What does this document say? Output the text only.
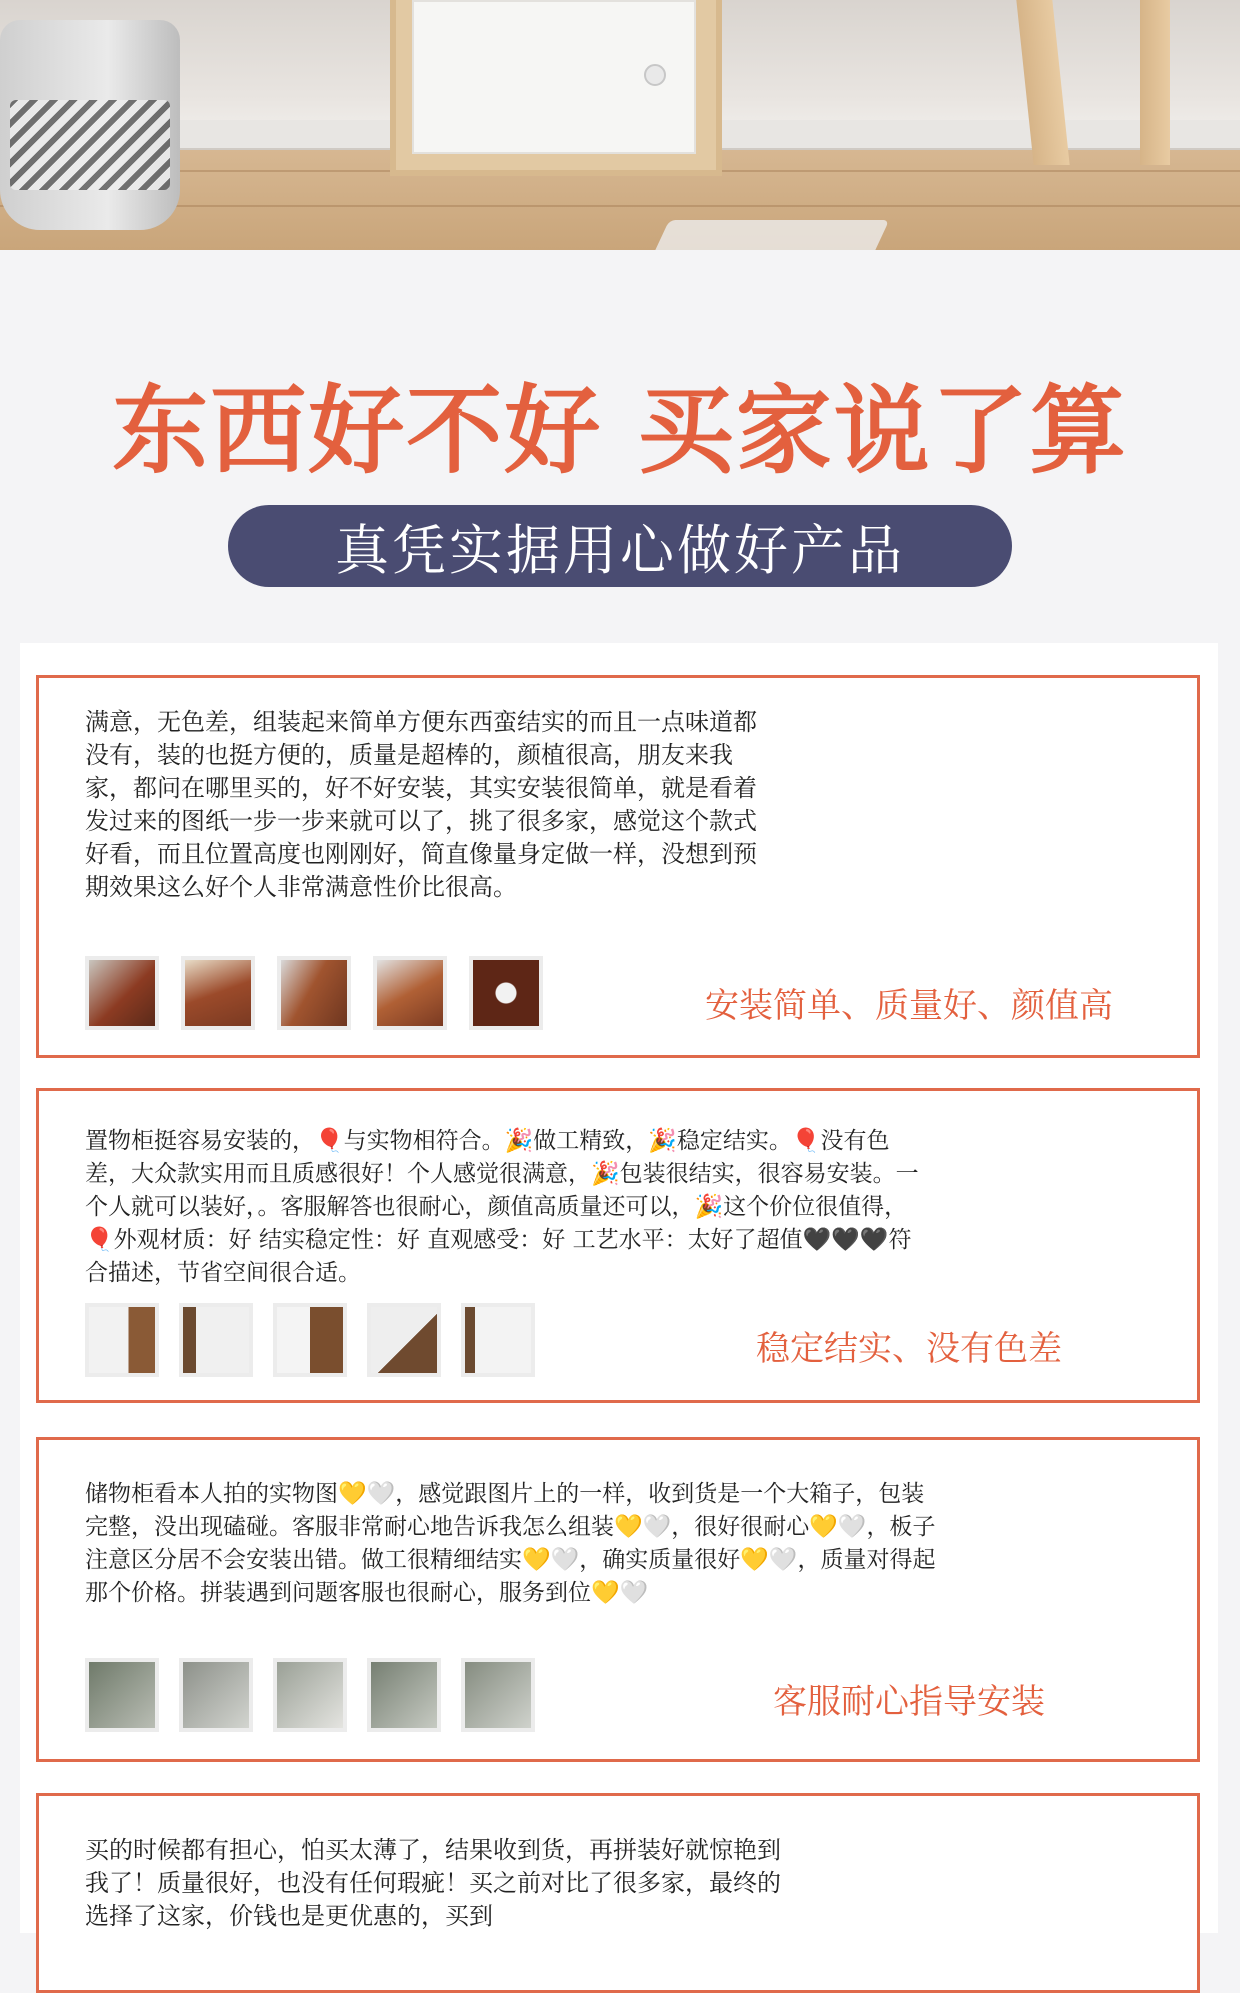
东西好不好 买家说了算
真凭实据用心做好产品
满意，无色差，组装起来简单方便东西蛮结实的而且一点味道都没有，装的也挺方便的，质量是超棒的，颜植很高，朋友来我家，都问在哪里买的，好不好安装，其实安装很简单，就是看着发过来的图纸一步一步来就可以了，挑了很多家，感觉这个款式好看，而且位置高度也刚刚好，简直像量身定做一样，没想到预期效果这么好个人非常满意性价比很高。
安装简单、质量好、颜值高
置物柜挺容易安装的，🎈与实物相符合。🎉做工精致，🎉稳定结实。🎈没有色差，大众款实用而且质感很好！个人感觉很满意，🎉包装很结实，很容易安装。一个人就可以装好，。客服解答也很耐心，颜值高质量还可以，🎉这个价位很值得，🎈外观材质：好 结实稳定性：好 直观感受：好 工艺水平：太好了超值🖤🖤🖤符合描述，节省空间很合适。
稳定结实、没有色差
储物柜看本人拍的实物图💛🤍，感觉跟图片上的一样，收到货是一个大箱子，包装完整，没出现磕碰。客服非常耐心地告诉我怎么组装💛🤍，很好很耐心💛🤍，板子注意区分居不会安装出错。做工很精细结实💛🤍，确实质量很好💛🤍，质量对得起那个价格。拼装遇到问题客服也很耐心，服务到位💛🤍
客服耐心指导安装
买的时候都有担心，怕买太薄了，结果收到货，再拼装好就惊艳到我了！质量很好，也没有任何瑕疵！买之前对比了很多家，最终的选择了这家，价钱也是更优惠的，买到
